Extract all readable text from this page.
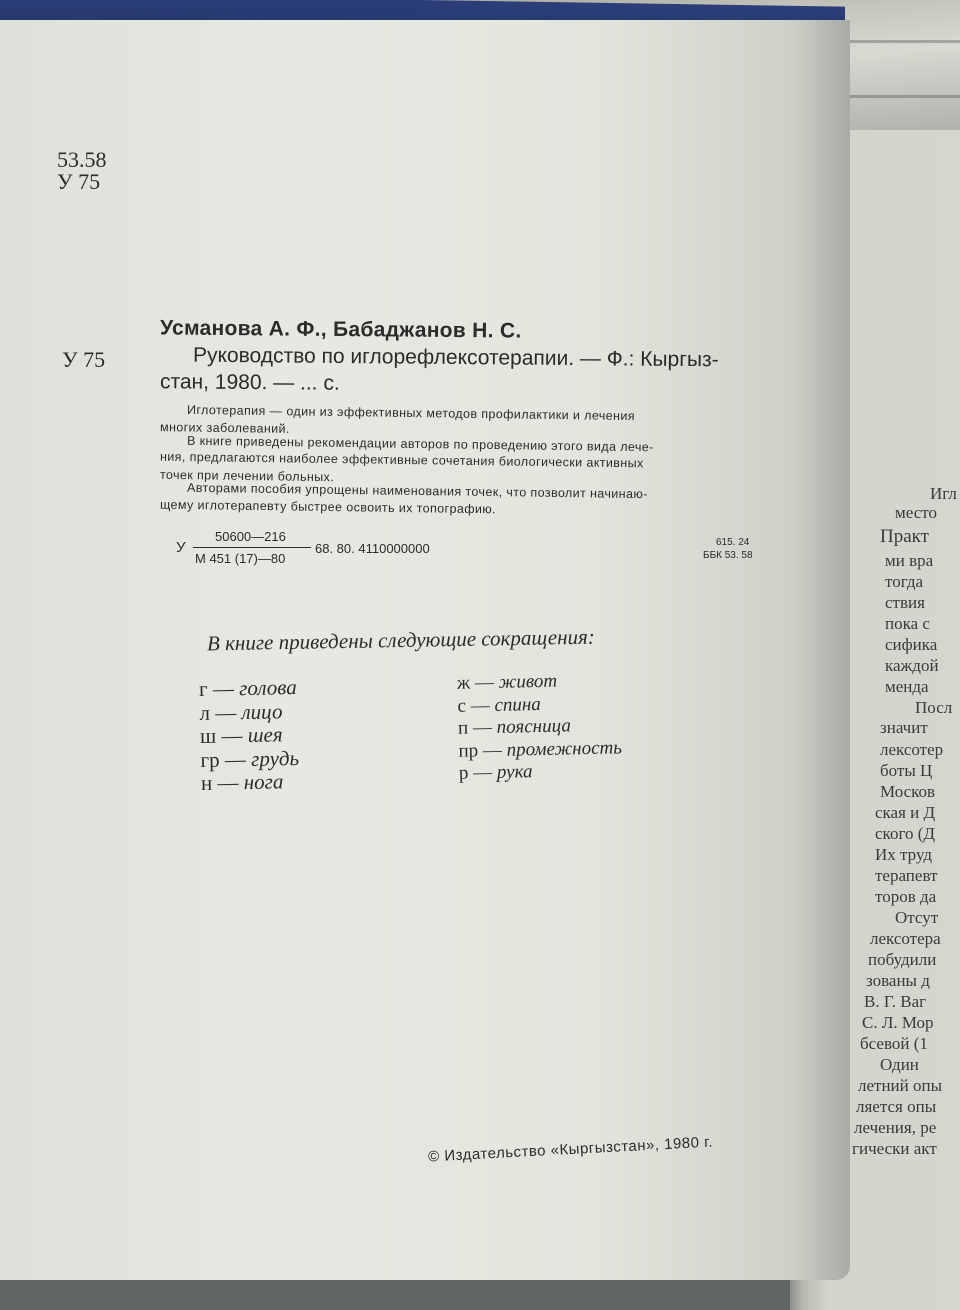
53.58
У 75
Усманова А. Ф., Бабаджанов Н. С.
У 75	Руководство по иглорефлексотерапии. — Ф.: Кыргыз-
стан, 1980. — ... с.
Иглотерапия — один из эффективных методов профилактики и лечения
многих заболеваний.
В книге приведены рекомендации авторов по проведению этого вида лече-
ния, предлагаются наиболее эффективные сочетания биологически активных
точек при лечении больных.
Авторами пособия упрощены наименования точек, что позволит начинаю-
щему иглотерапевту быстрее освоить их топографию.
У
50600—216
М 451 (17)—80
68. 80. 4110000000	615. 24
ББК 53. 58
В книге приведены следующие сокращения:
г — голова
л — лицо
ш — шея
гр — грудь
н — нога
ж — живот
с — спина
п — поясница
пр — промежность
р — рука
© Издательство «Кыргызстан», 1980 г.
Игл
место
Практ
ми вра
тогда
ствия
пока с
сифика
каждой
менда
Посл
значит
лексотер
боты Ц
Москов
ская и Д
ского (Д
Их труд
терапевт
торов да
Отсут
лексотера
побудили
зованы д
В. Г. Ваг
С. Л. Мор
бсевой (1
Один
летний опы
ляется опы
лечения, ре
гически акт
